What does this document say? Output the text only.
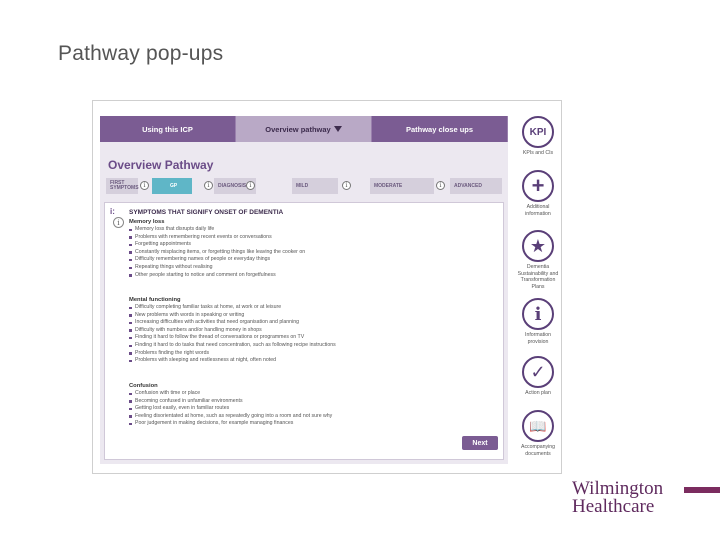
Pathway pop-ups
Using this ICP	Overview pathway	Pathway close ups
Overview Pathway
FIRST SYMPTOMS i	GP	i	DIAGNOSIS i	MILD	i	MODERATE	i	ADVANCED
i:
i
SYMPTOMS THAT SIGNIFY ONSET OF DEMENTIA
Memory loss
Memory loss that disrupts daily life
Problems with remembering recent events or conversations
Forgetting appointments
Constantly misplacing items, or forgetting things like leaving the cooker on
Difficulty remembering names of people or everyday things
Repeating things without realising
Other people starting to notice and comment on forgetfulness
Mental functioning
Difficulty completing familiar tasks at home, at work or at leisure
New problems with words in speaking or writing
Increasing difficulties with activities that need organisation and planning
Difficulty with numbers and/or handling money in shops
Finding it hard to follow the thread of conversations or programmes on TV
Finding it hard to do tasks that need concentration, such as following recipe instructions
Problems finding the right words
Problems with sleeping and restlessness at night, often noted
Confusion
Confusion with time or place
Becoming confused in unfamiliar environments
Getting lost easily, even in familiar routes
Feeling disorientated at home, such as repeatedly going into a room and not sure why
Poor judgement in making decisions, for example managing finances
Next
KPI
KPIs and CIs
+
Additional information
★
Dementia Sustainability and Transformation Plans
i
Information provision
✓
Action plan
📖
Accompanying documents
Wilmington
Healthcare
